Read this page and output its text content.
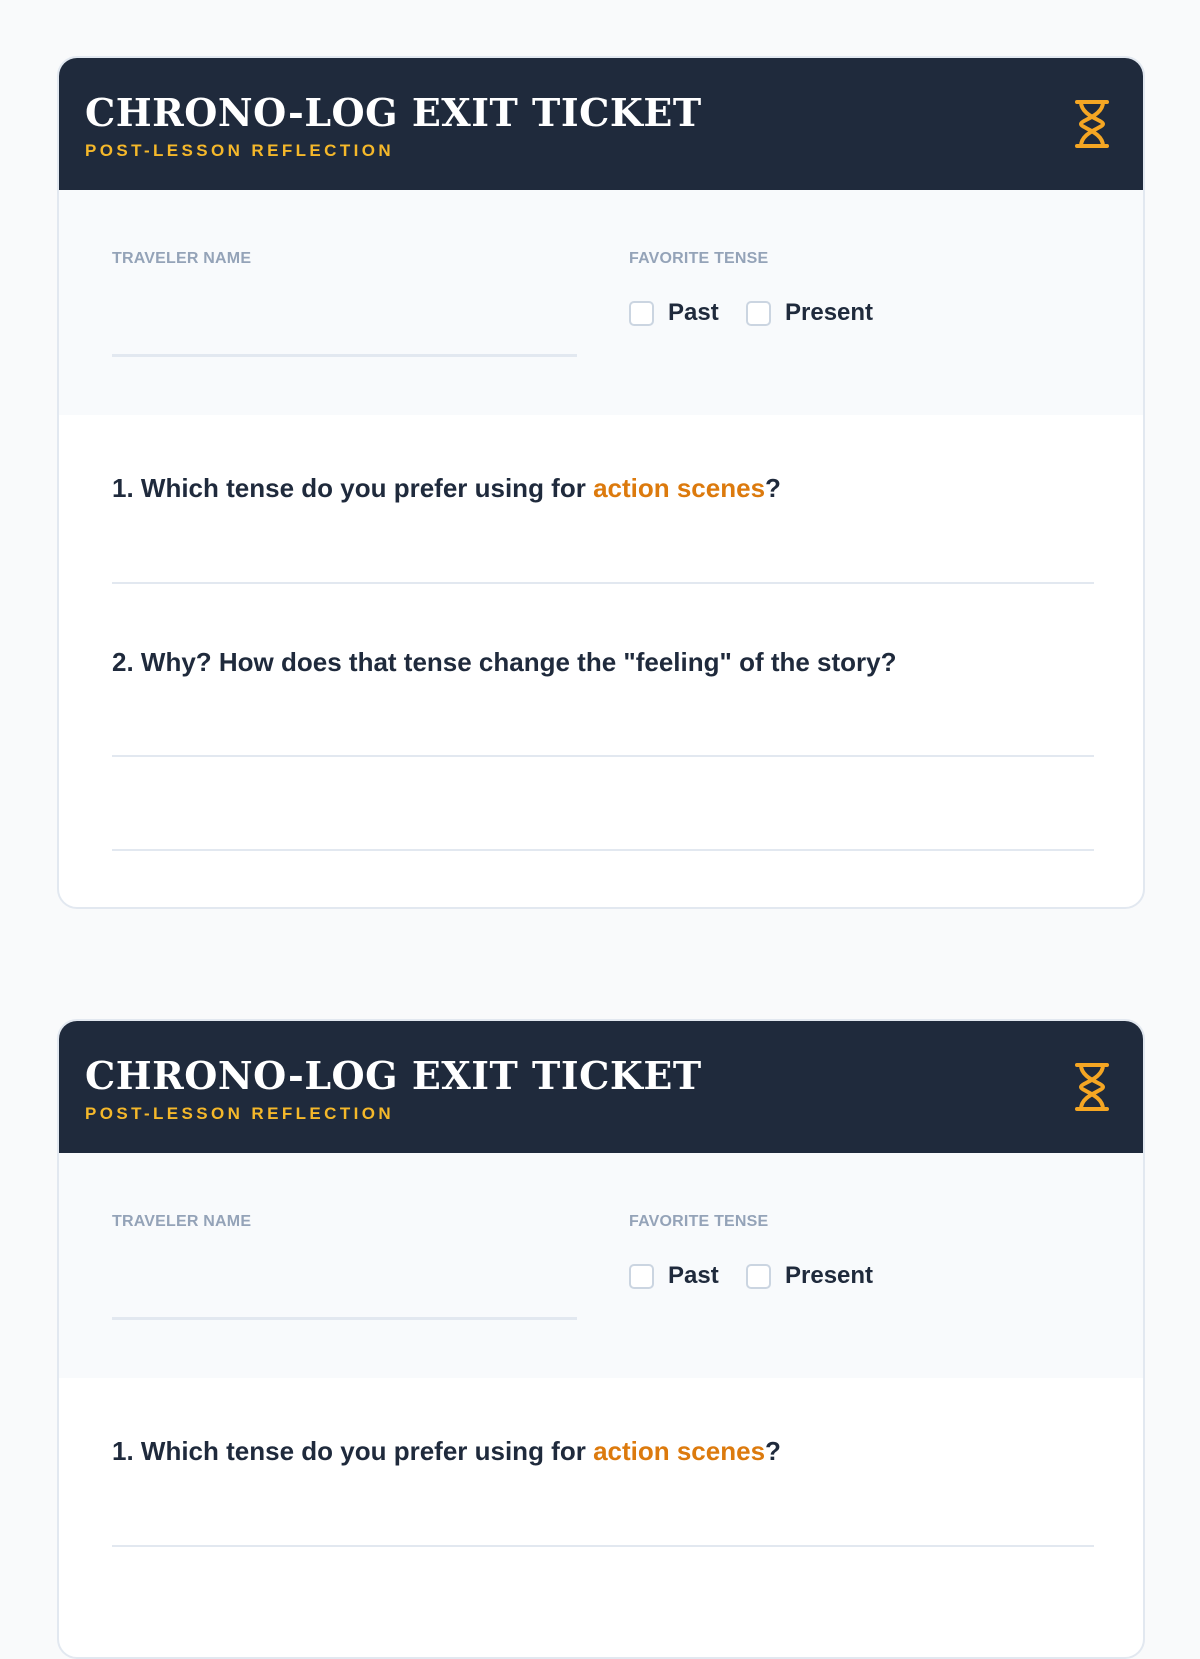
CHRONO-LOG EXIT TICKET
POST-LESSON REFLECTION
TRAVELER NAME	FAVORITE TENSE
Past	Present

1. Which tense do you prefer using for action scenes?

2. Why? How does that tense change the "feeling" of the story?

CHRONO-LOG EXIT TICKET
POST-LESSON REFLECTION
TRAVELER NAME	FAVORITE TENSE
Past	Present

1. Which tense do you prefer using for action scenes?
